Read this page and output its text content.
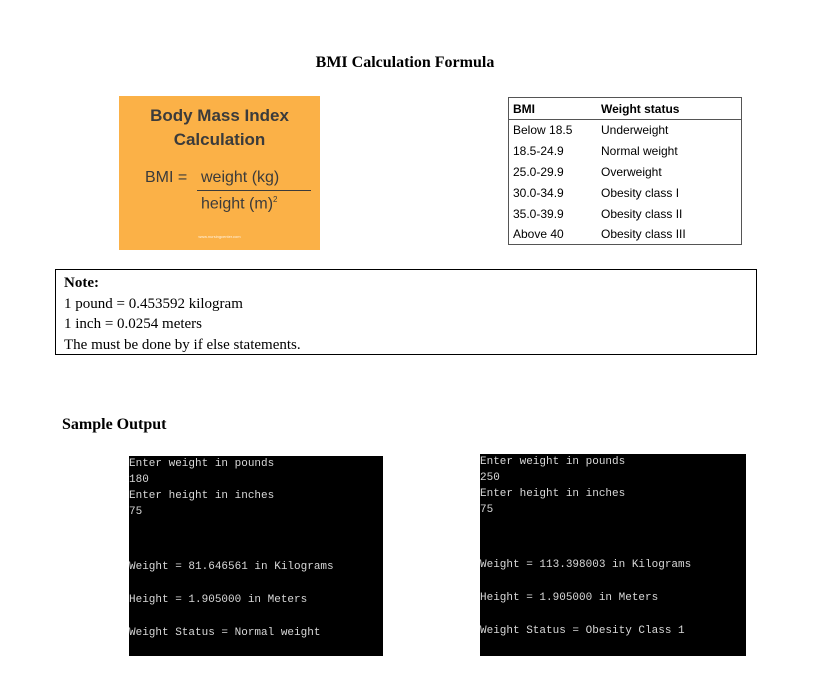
BMI Calculation Formula
Body Mass Index
Calculation
BMI = weight (kg)
height $(m)^2$
www.nursingcenter.com
BMI	Weight status
Below 18.5 Underweight
18.5-24.9	Normal weight
25.0-29.9	Overweight
30.0-34.9	Obesity class I
35.0-39.9	Obesity class II
Above 40	Obesity class III
Note:
1 pound = 0.453592 kilogram
1 inch = 0.0254 meters
The must be done by if else statements.
Sample Output
Enter weight in pounds
180
Enter height in inches
75
Weight = 81.646561 in Kilograms
Height = 1.905000 in Meters
Weight Status = Normal weight
Enter weight in pounds
250
Enter height in inches
75
Weight = 113.398003 in Kilograms
Height = 1.905000 in Meters
Weight Status = Obesity Class 1
